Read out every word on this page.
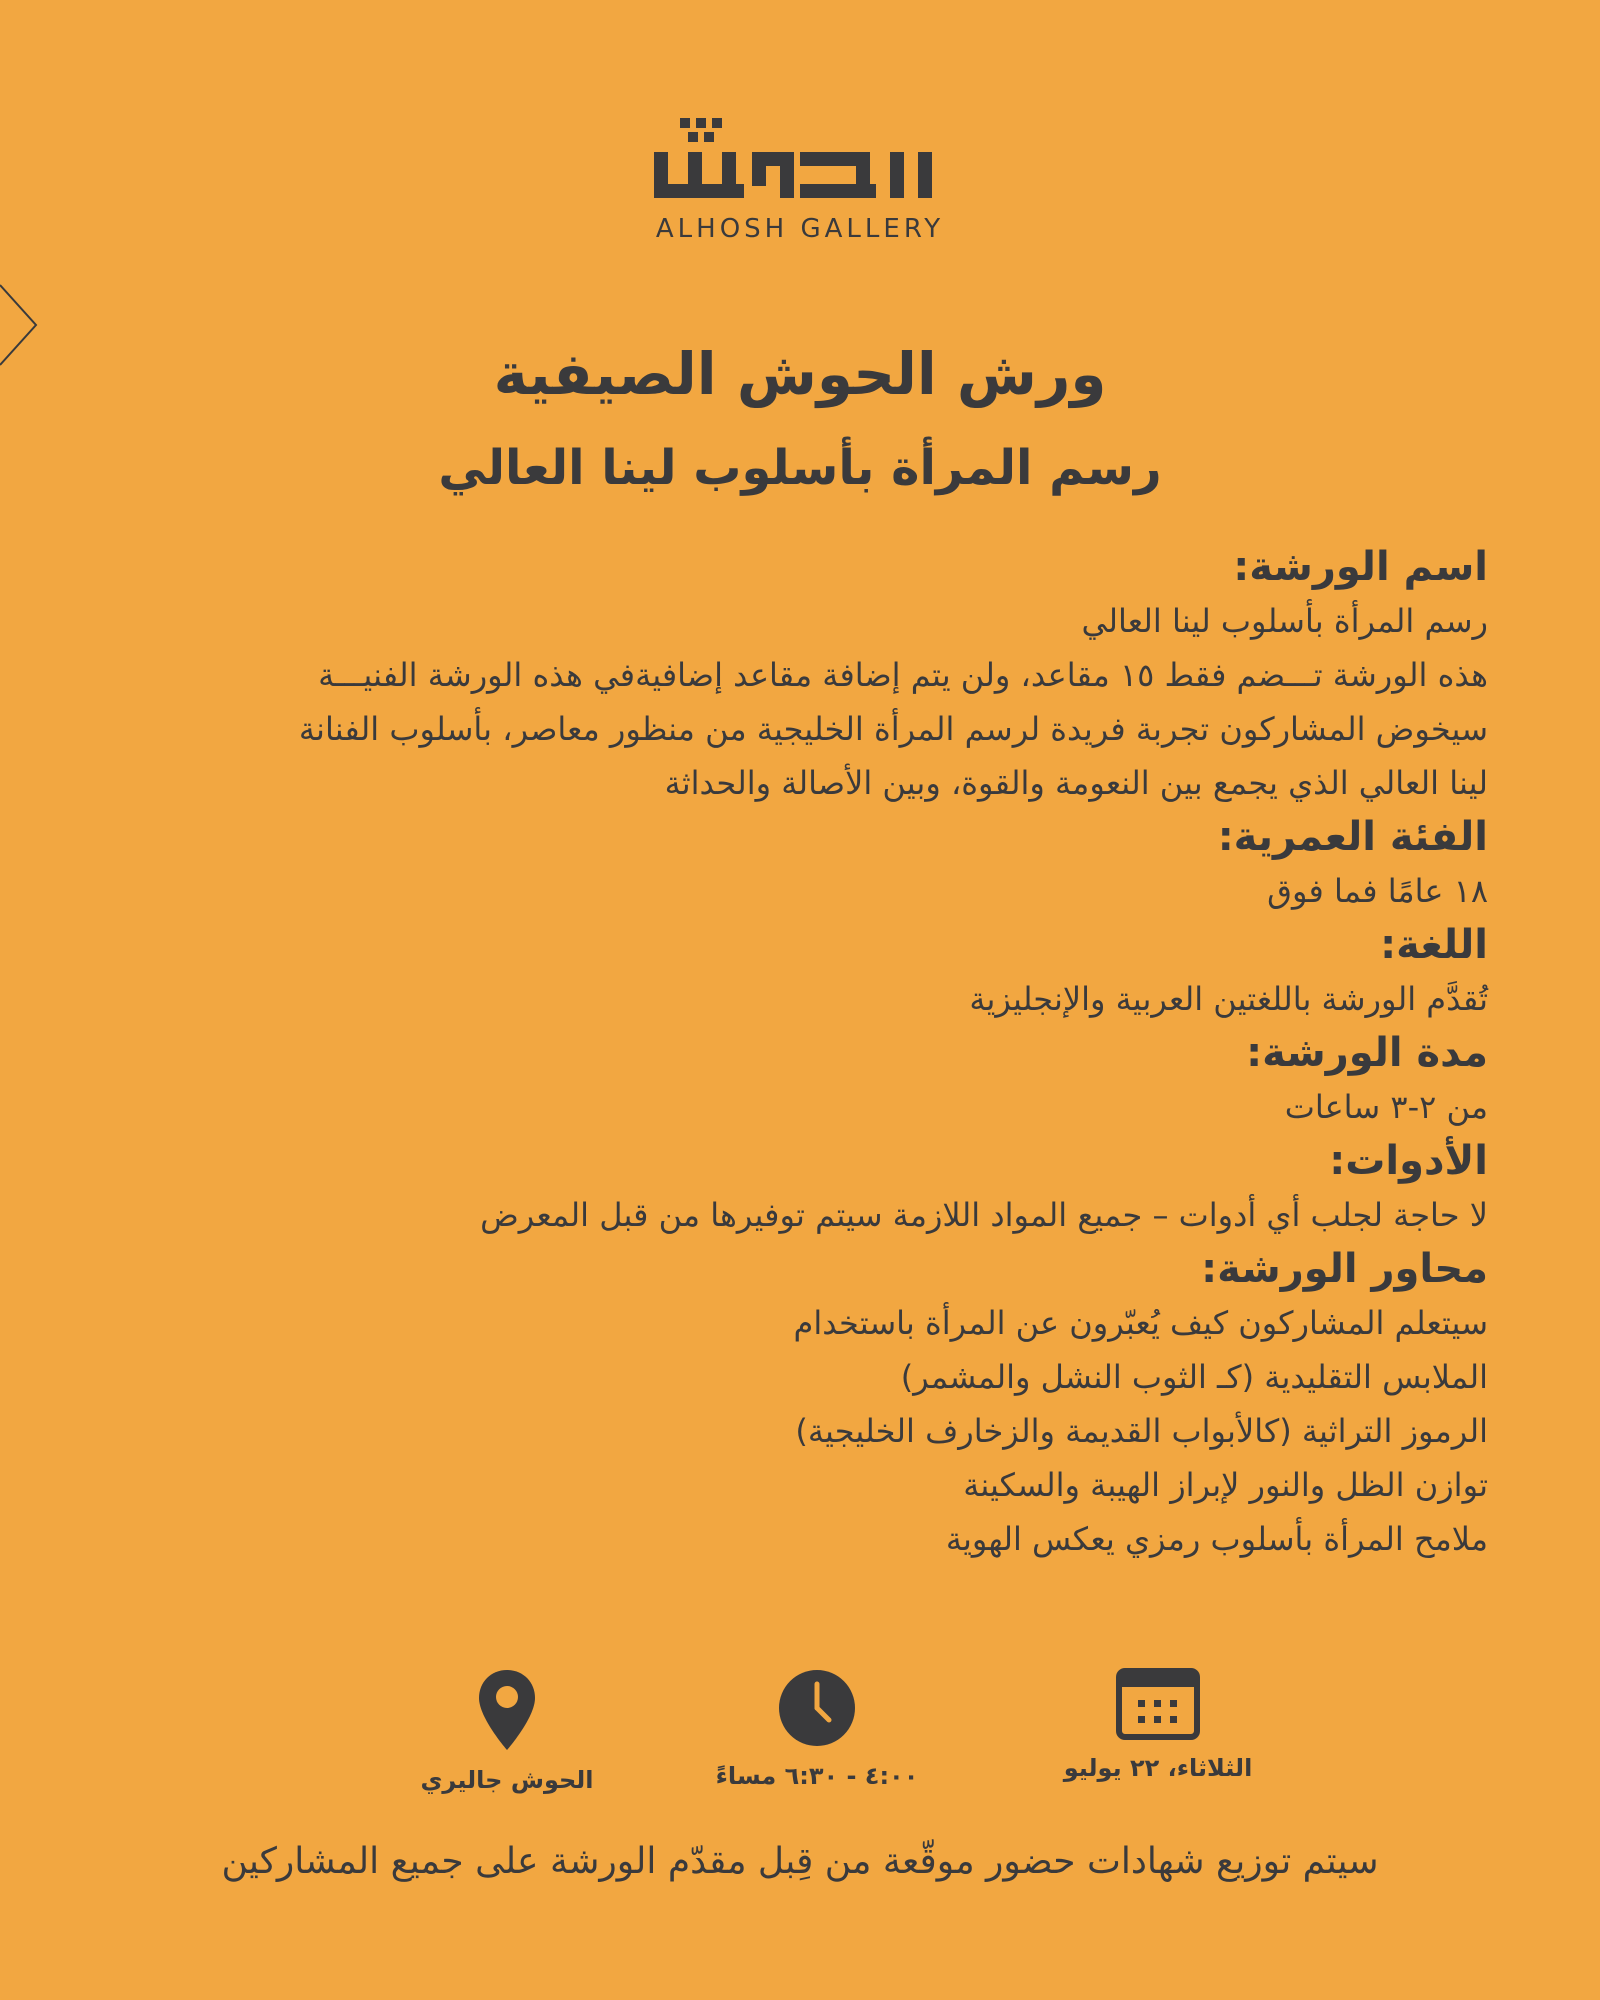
ALHOSH GALLERY
ورش الحوش الصيفية
رسم المرأة بأسلوب لينا العالي

اسم الورشة:

رسم المرأة بأسلوب لينا العالي

هذه الورشة تـــضم فقط ١٥ مقاعد، ولن يتم إضافة مقاعد إضافيةفي هذه الورشة الفنيـــة

سيخوض المشاركون تجربة فريدة لرسم المرأة الخليجية من منظور معاصر، بأسلوب الفنانة

لينا العالي الذي يجمع بين النعومة والقوة، وبين الأصالة والحداثة

الفئة العمرية:

١٨ عامًا فما فوق

اللغة:

تُقدَّم الورشة باللغتين العربية والإنجليزية

مدة الورشة:

من ٢-٣ ساعات

الأدوات:

لا حاجة لجلب أي أدوات – جميع المواد اللازمة سيتم توفيرها من قبل المعرض

محاور الورشة:

سيتعلم المشاركون كيف يُعبّرون عن المرأة باستخدام

الملابس التقليدية (كـ الثوب النشل والمشمر)

الرموز التراثية (كالأبواب القديمة والزخارف الخليجية)

توازن الظل والنور لإبراز الهيبة والسكينة

ملامح المرأة بأسلوب رمزي يعكس الهوية

الثلاثاء، ٢٢ يوليو
٤:٠٠ - ٦:٣٠ مساءً
الحوش جاليري

سيتم توزيع شهادات حضور موقّعة من قِبل مقدّم الورشة على جميع المشاركين
